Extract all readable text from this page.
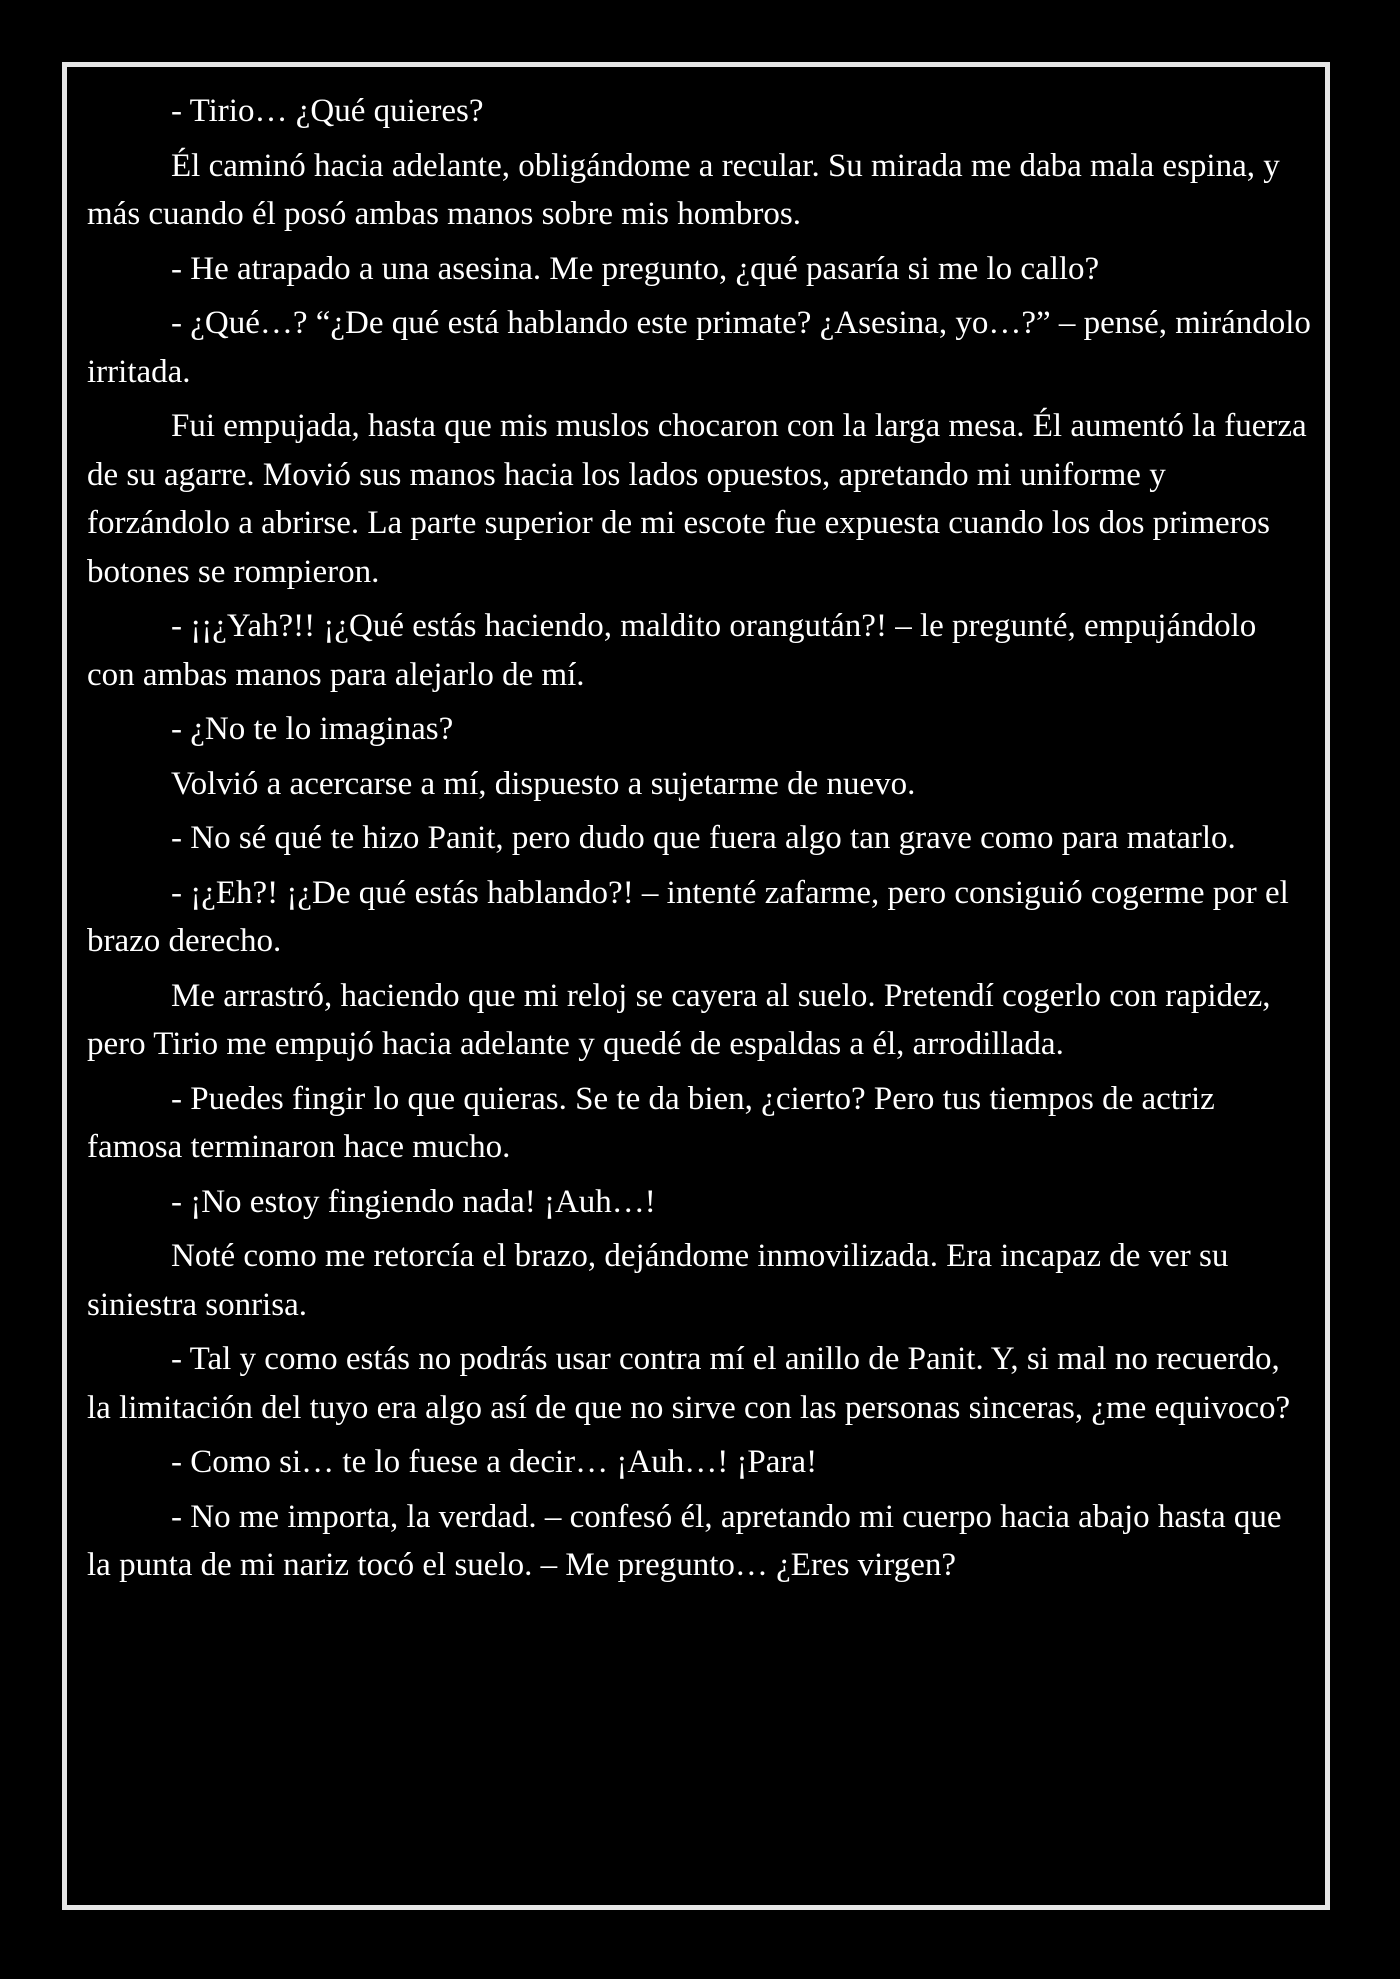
- Tirio… ¿Qué quieres?

Él caminó hacia adelante, obligándome a recular. Su mirada me daba mala espina, y más cuando él posó ambas manos sobre mis hombros.

- He atrapado a una asesina. Me pregunto, ¿qué pasaría si me lo callo?

- ¿Qué…? “¿De qué está hablando este primate? ¿Asesina, yo…?” – pensé, mirándolo irritada.

Fui empujada, hasta que mis muslos chocaron con la larga mesa. Él aumentó la fuerza de su agarre. Movió sus manos hacia los lados opuestos, apretando mi uniforme y forzándolo a abrirse. La parte superior de mi escote fue expuesta cuando los dos primeros botones se rompieron.

- ¡¡¿Yah?!! ¡¿Qué estás haciendo, maldito orangután?! – le pregunté, empujándolo con ambas manos para alejarlo de mí.

- ¿No te lo imaginas?

Volvió a acercarse a mí, dispuesto a sujetarme de nuevo.

- No sé qué te hizo Panit, pero dudo que fuera algo tan grave como para matarlo.

- ¡¿Eh?! ¡¿De qué estás hablando?! – intenté zafarme, pero consiguió cogerme por el brazo derecho.

Me arrastró, haciendo que mi reloj se cayera al suelo. Pretendí cogerlo con rapidez, pero Tirio me empujó hacia adelante y quedé de espaldas a él, arrodillada.

- Puedes fingir lo que quieras. Se te da bien, ¿cierto? Pero tus tiempos de actriz famosa terminaron hace mucho.

- ¡No estoy fingiendo nada! ¡Auh…!

Noté como me retorcía el brazo, dejándome inmovilizada. Era incapaz de ver su siniestra sonrisa.

- Tal y como estás no podrás usar contra mí el anillo de Panit. Y, si mal no recuerdo, la limitación del tuyo era algo así de que no sirve con las personas sinceras, ¿me equivoco?

- Como si… te lo fuese a decir… ¡Auh…! ¡Para!

- No me importa, la verdad. – confesó él, apretando mi cuerpo hacia abajo hasta que la punta de mi nariz tocó el suelo. – Me pregunto… ¿Eres virgen?
